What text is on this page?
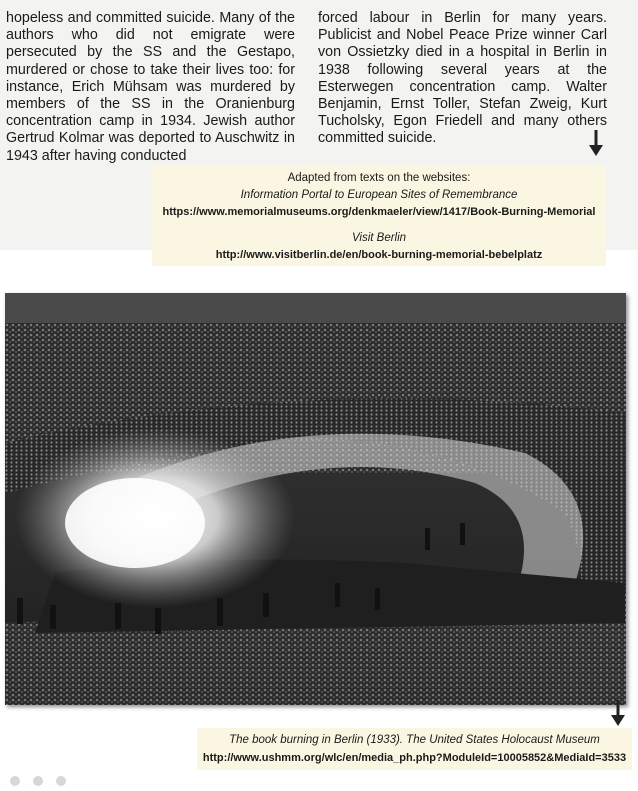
hopeless and committed suicide. Many of the authors who did not emigrate were persecuted by the SS and the Gestapo, murdered or chose to take their lives too: for instance, Erich Mühsam was murdered by members of the SS in the Oranienburg concentration camp in 1934. Jewish author Gertrud Kolmar was deported to Auschwitz in 1943 after having conducted
forced labour in Berlin for many years. Publicist and Nobel Peace Prize winner Carl von Ossietzky died in a hospital in Berlin in 1938 following several years at the Esterwegen concentration camp. Walter Benjamin, Ernst Toller, Stefan Zweig, Kurt Tucholsky, Egon Friedell and many others committed suicide.
Adapted from texts on the websites:
Information Portal to European Sites of Remembrance
https://www.memorialmuseums.org/denkmaeler/view/1417/Book-Burning-Memorial
Visit Berlin
http://www.visitberlin.de/en/book-burning-memorial-bebelplatz
The book burning in Berlin (1933). The United States Holocaust Museum
http://www.ushmm.org/wlc/en/media_ph.php?ModuleId=10005852&MediaId=3533
